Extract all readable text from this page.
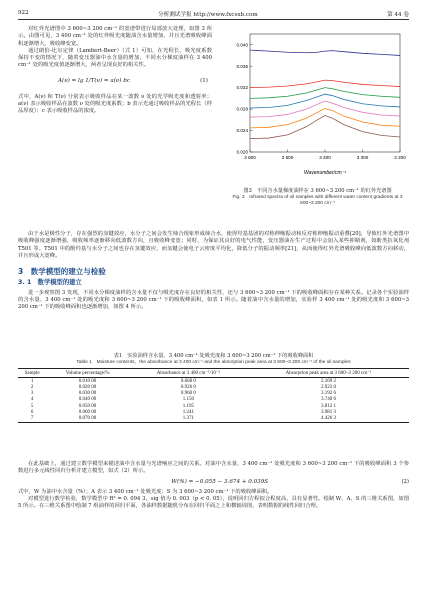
922	分析测试学报 http://www.fxcsxb.com	第 44 卷

对红外光谱图中 3 600~3 200 cm⁻¹ 的宽谱带进行局部放大处理，如图 3 所示。由图可见，3 400 cm⁻¹ 处的红外吸光度随油含水量增加，并且光谱吸收峰面积逐渐增大，吸收峰变宽。

通过朗伯-比尔定律（Lambert-Beer）（式 1）可知，在光程长、吸光度系数保持不变的情况下，随着变压器油中水含量的增加，不同水分梯度油样在 3 400 cm⁻¹ 处的吸光度值逐渐增大，两者呈现良好的相关性。

A(ν) = lg 1/T(ν) = a(ν) bc	(1)

式中，A(ν) 和 T(ν) 分别表示吸收样品在某一波数 ν 处的光学吸光度和透射率；a(ν) 表示吸收样品在波数 ν 处的吸光度系数；b 表示光通过吸收样品的光程长（样品厚度）；c 表示吸收样品的浓度。

0.040
0.036
0.032
0.028
0.024
0.020
3 600	3 500	3 400	3 300	3 200
Wavenumber/cm⁻¹
图3　不同含水量梯度油样在 3 600~3 200 cm⁻¹ 的红外光谱图
Fig. 3　Infrared spectra of oil samples with different water content gradients at 3 600~3 200 cm⁻¹

由于水是极性分子，存在强烈的氢键效应，水分子之间会发生缔合现象形成缔合水，使得羟基基团的对称伸缩振动和反对称伸缩振动重叠[20]，导致红外光谱图中吸收峰强度逐渐增强，吸收频率逐渐移向低波数方向，且吸收峰变宽；同时，为保证其良好的电气性能，变压器油在生产过程中会加入某些抑制剂，如酚类抗氧化剂 T501 等。T501 中的酚羟基与水分子之间也存在氢键效应，而氢键会使电子云密度平均化，降低分子的振动频率[21]，从而使得红外光谱吸收峰向低波数方向移动，并且形成大宽峰。

3　数学模型的建立与检验
3. 1　数学模型的建立

进一步观察图 3 发现，不同水分梯度油样的含水量不仅与吸光度存在良好的相关性，还与 3 600~3 200 cm⁻¹ 下的吸收峰面积存在某种关系。记录各个实验油样的含水量、3 400 cm⁻¹ 处的吸光度和 3 600~3 200 cm⁻¹ 下的吸收峰面积，如表 1 所示。随着油中含水量的增加，实验样 3 400 cm⁻¹ 处的吸光度和 3 600~3 200 cm⁻¹ 下的吸收峰面积也逐渐增加，如图 4 所示。

表1　实验油样含水量、3 400 cm⁻¹ 处吸光度和 3 600~3 200 cm⁻¹ 下的吸收峰面积
Table 1　Moisture contents，the absorbance at 3 400 cm⁻¹ and the absorption peak area at 3 600~3 200 cm⁻¹ of the oil samples
Sample	Volume percentage/%	Absorbance at 3 400 cm⁻¹/10⁻²	Absorption peak area at 3 600~3 200 cm⁻¹
1	0.010 00	0.668 0	2.169 2
2	0.020 00	0.926 0	2.923 0
3	0.030 00	0.960 0	3.192 6
4	0.040 00	1.150	3.740 6
5	0.050 00	1.195	3.812 1
6	0.060 00	1.241	3.981 3
7	0.070 00	1.371	4.426 3

在此基础上，通过建立数学模型来描述油中含水量与光谱响应之间的关系。对油中含水量、3 400 cm⁻¹ 处吸光度和 3 600~3 200 cm⁻¹ 下的吸收峰面积 3 个参数进行多元线性回归分析并建立模型，如式（2）所示。

W(%) = −0.055 − 3.674 + 0.039S	(2)

式中，W 为油中水含量（%）；A 表示 3 400 cm⁻¹ 处吸光度；S 为 3 600~3 200 cm⁻¹ 下的吸收峰面积。

对模型进行数学检验，数学模型中 R² = 0. 094 3，sig 值为 0. 003（p < 0. 05），说明回归方程拟合程度高，具有显著性。绘制 W、A、S 的三维关系图，如图 5 所示。在三维关系图中绘制 7 组油样的回归平面，各油样数据随机分布在回归平面之上和横轴周围，表明数据的线性回归合理。
